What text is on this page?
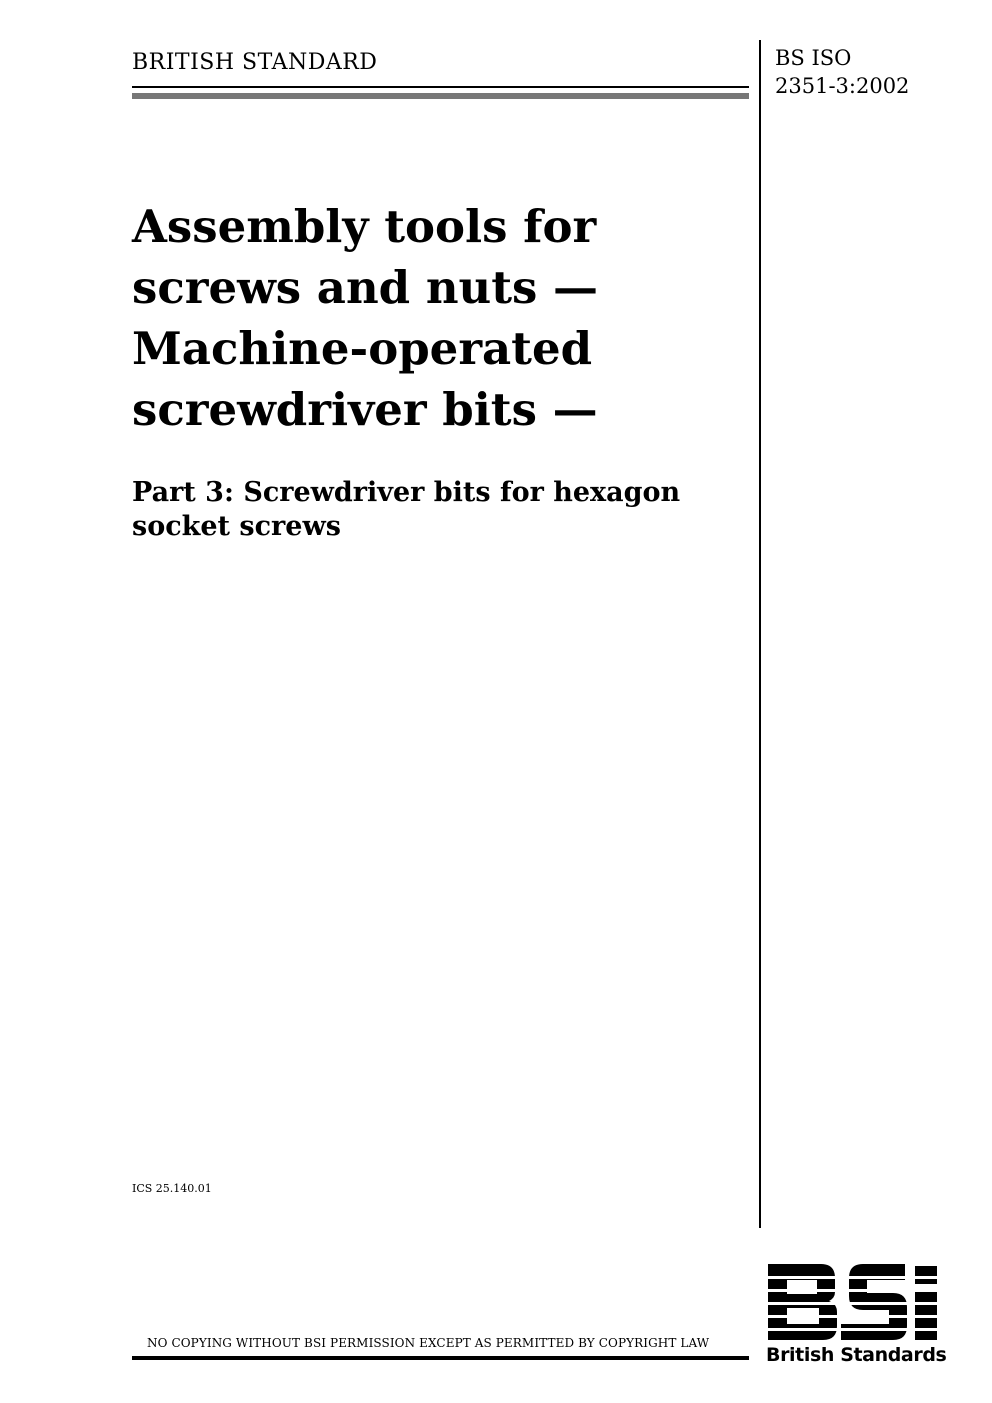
BRITISH STANDARD	BS ISO
2351-3:2002
Assembly tools for
screws and nuts —
Machine-operated
screwdriver bits —
Part 3: Screwdriver bits for hexagon
socket screws
ICS 25.140.01
NO COPYING WITHOUT BSI PERMISSION EXCEPT AS PERMITTED BY COPYRIGHT LAW
British Standards
